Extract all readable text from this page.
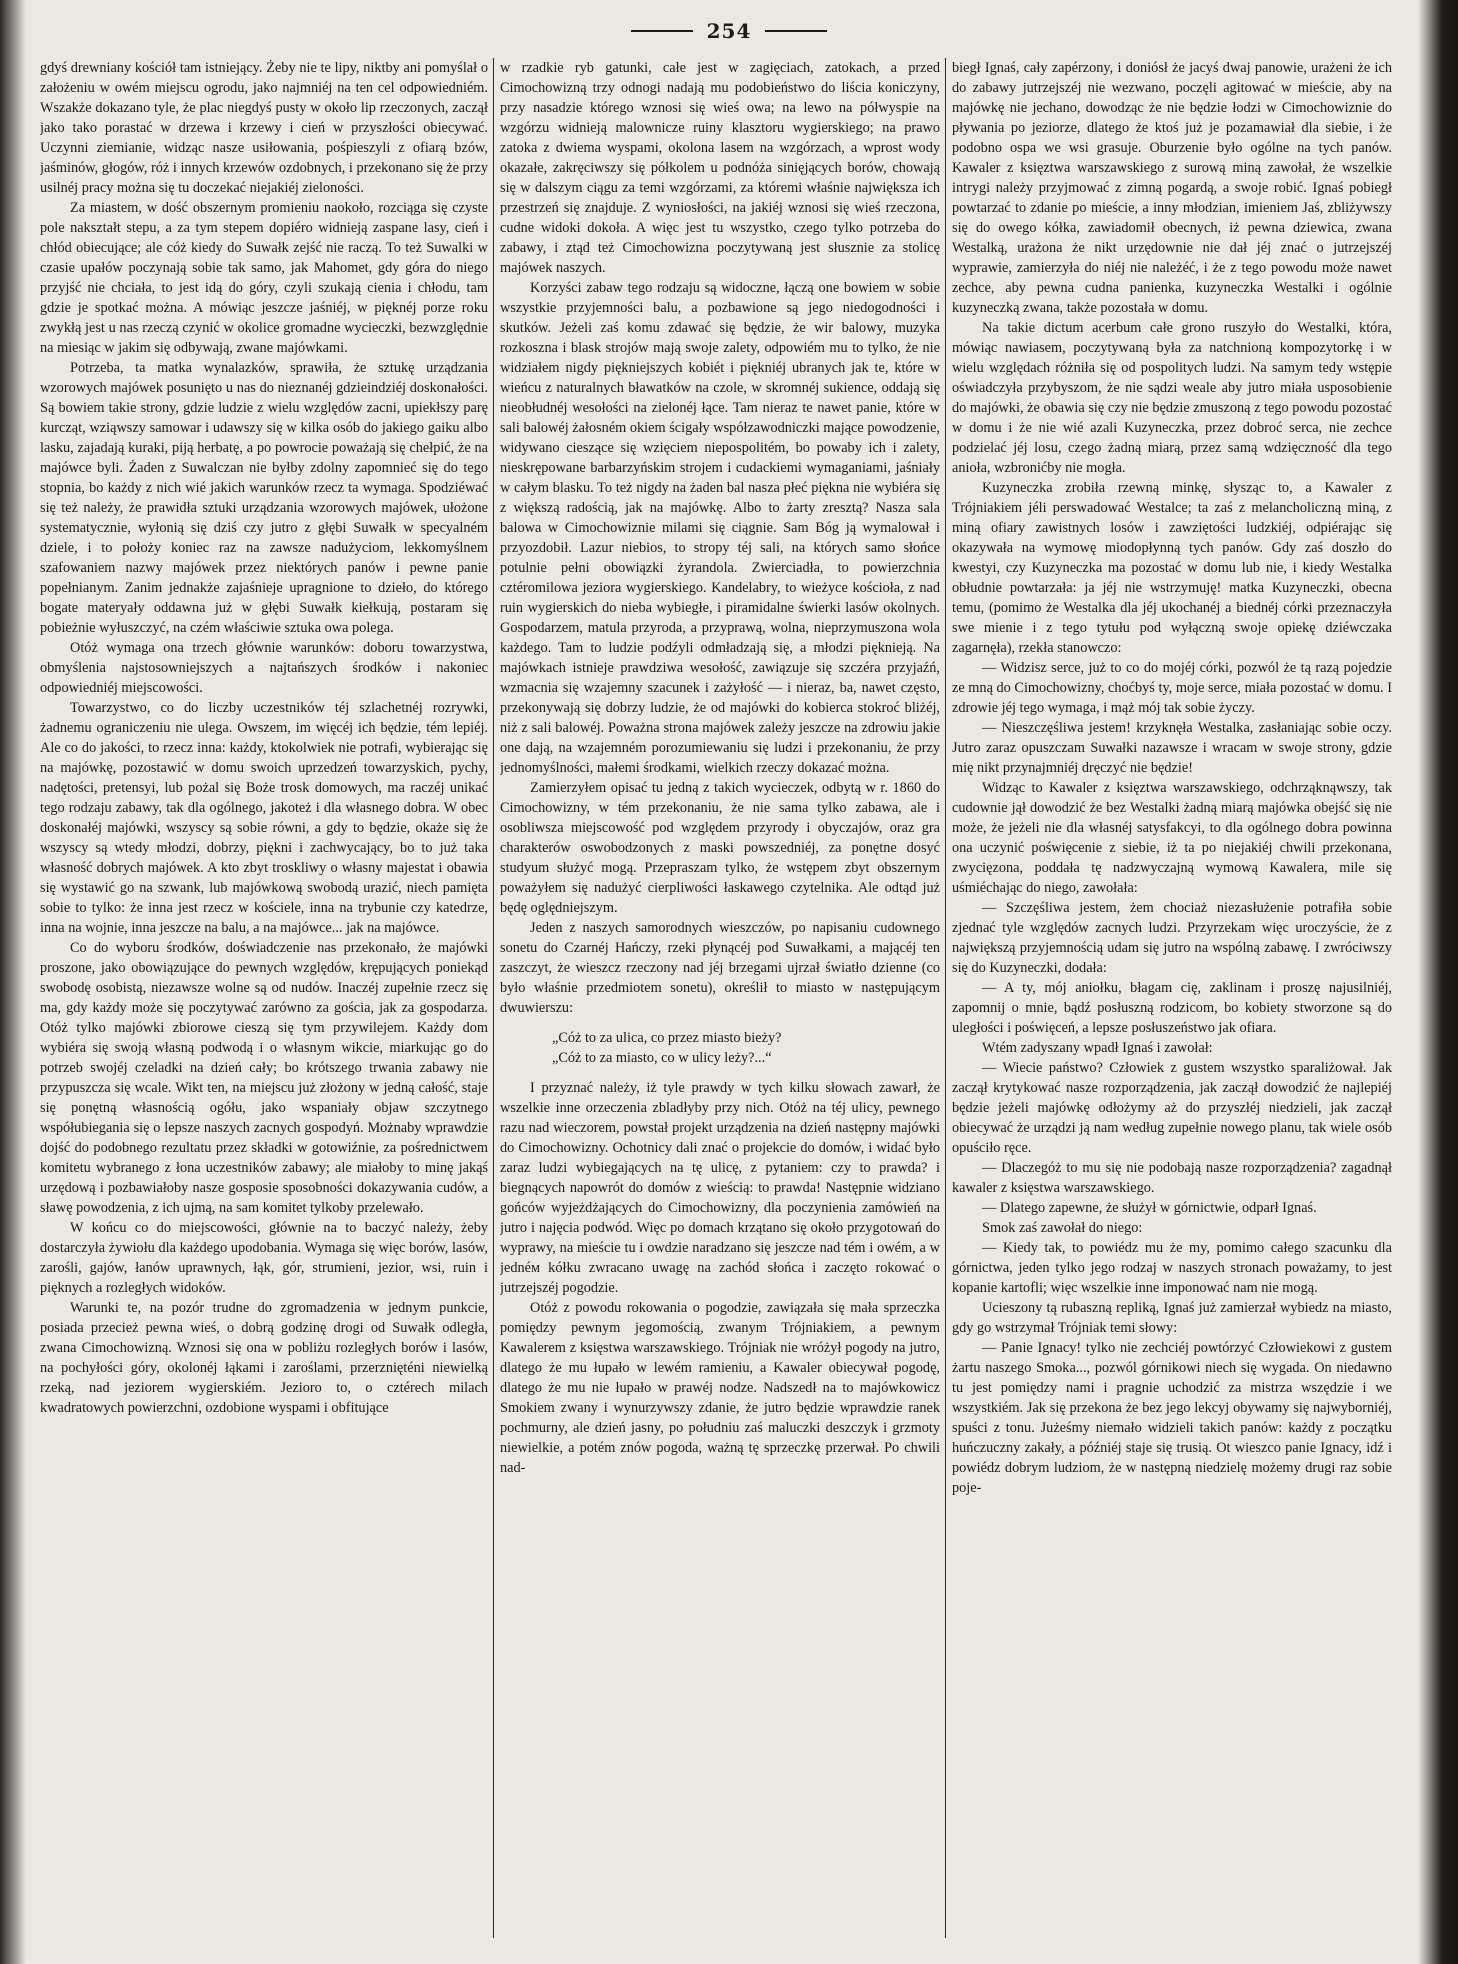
254

gdyś drewniany kościół tam istniejący. Żeby nie te lipy, niktby ani pomyślał o założeniu w owém miejscu ogrodu, jako najmniéj na ten cel odpowiedniém. Wszakże dokazano tyle, że plac niegdyś pusty w około lip rzeczonych, zaczął jako tako porastać w drzewa i krzewy i cień w przyszłości obiecywać. Uczynni ziemianie, widząc nasze usiłowania, pośpieszyli z ofiarą bzów, jaśminów, głogów, róż i innych krzewów ozdobnych, i przekonano się że przy usilnéj pracy można się tu doczekać niejakiéj zieloności.

Za miastem, w dość obszernym promieniu naokoło, rozciąga się czyste pole nakształt stepu, a za tym stepem dopiéro widnieją zaspane lasy, cień i chłód obiecujące; ale cóż kiedy do Suwałk zejść nie raczą. To też Suwalki w czasie upałów poczynają sobie tak samo, jak Mahomet, gdy góra do niego przyjść nie chciała, to jest idą do góry, czyli szukają cienia i chłodu, tam gdzie je spotkać można. A mówiąc jeszcze jaśniéj, w pięknéj porze roku zwykłą jest u nas rzeczą czynić w okolice gromadne wycieczki, bezwzględnie na miesiąc w jakim się odbywają, zwane majówkami.

Potrzeba, ta matka wynalazków, sprawiła, że sztukę urządzania wzorowych majówek posunięto u nas do nieznanéj gdzieindziéj doskonałości. Są bowiem takie strony, gdzie ludzie z wielu względów zacni, upiekłszy parę kurcząt, wziąwszy samowar i udawszy się w kilka osób do jakiego gaiku albo lasku, zajadają kuraki, piją herbatę, a po powrocie poważają się chełpić, że na majówce byli. Żaden z Suwalczan nie byłby zdolny zapomnieć się do tego stopnia, bo każdy z nich wié jakich warunków rzecz ta wymaga. Spodziéwać się też należy, że prawidła sztuki urządzania wzorowych majówek, ułożone systematycznie, wyłonią się dziś czy jutro z głębi Suwałk w specyalném dziele, i to położy koniec raz na zawsze nadużyciom, lekkomyślnem szafowaniem nazwy majówek przez niektórych panów i pewne panie popełnianym. Zanim jednakże zajaśnieje upragnione to dzieło, do którego bogate materyały oddawna już w głębi Suwałk kiełkują, postaram się pobieżnie wyłuszczyć, na czém właściwie sztuka owa polega.

Otóż wymaga ona trzech głównie warunków: doboru towarzystwa, obmyślenia najstosowniejszych a najtańszych środków i nakoniec odpowiedniéj miejscowości.

Towarzystwo, co do liczby uczestników téj szlachetnéj rozrywki, żadnemu ograniczeniu nie ulega. Owszem, im więcéj ich będzie, tém lepiéj. Ale co do jakości, to rzecz inna: każdy, ktokolwiek nie potrafi, wybierając się na majówkę, pozostawić w domu swoich uprzedzeń towarzyskich, pychy, nadętości, pretensyi, lub pożal się Boże trosk domowych, ma raczéj unikać tego rodzaju zabawy, tak dla ogólnego, jakoteż i dla własnego dobra. W obec doskonałéj majówki, wszyscy są sobie równi, a gdy to będzie, okaże się że wszyscy są wtedy młodzi, dobrzy, piękni i zachwycający, bo to już taka własność dobrych majówek. A kto zbyt troskliwy o własny majestat i obawia się wystawić go na szwank, lub majówkową swobodą urazić, niech pamięta sobie to tylko: że inna jest rzecz w kościele, inna na trybunie czy katedrze, inna na wojnie, inna jeszcze na balu, a na majówce... jak na majówce.

Co do wyboru środków, doświadczenie nas przekonało, że majówki proszone, jako obowiązujące do pewnych względów, krępujących poniekąd swobodę osobistą, niezawsze wolne są od nudów. Inaczéj zupełnie rzecz się ma, gdy każdy może się poczytywać zarówno za gościa, jak za gospodarza. Otóż tylko majówki zbiorowe cieszą się tym przywilejem. Każdy dom wybiéra się swoją własną podwodą i o własnym wikcie, miarkując go do potrzeb swojéj czeladki na dzień cały; bo krótszego trwania zabawy nie przypuszcza się wcale. Wikt ten, na miejscu już złożony w jedną całość, staje się ponętną własnością ogółu, jako wspaniały objaw szczytnego współubiegania się o lepsze naszych zacnych gospodyń. Możnaby wprawdzie dojść do podobnego rezultatu przez składki w gotowiźnie, za pośrednictwem komitetu wybranego z łona uczestników zabawy; ale miałoby to minę jakąś urzędową i pozbawiałoby nasze gosposie sposobności dokazywania cudów, a sławę powodzenia, z ich ujmą, na sam komitet tylkoby przelewało.

W końcu co do miejscowości, głównie na to baczyć należy, żeby dostarczyła żywiołu dla każdego upodobania. Wymaga się więc borów, lasów, zarośli, gajów, łanów uprawnych, łąk, gór, strumieni, jezior, wsi, ruin i pięknych a rozległych widoków.

Warunki te, na pozór trudne do zgromadzenia w jednym punkcie, posiada przecież pewna wieś, o dobrą godzinę drogi od Suwałk odległa, zwana Cimochowizną. Wznosi się ona w pobliżu rozległych borów i lasów, na pochyłości góry, okolonéj łąkami i zaroślami, przerznięténi niewielką rzeką, nad jeziorem wygierskiém. Jezioro to, o cztérech milach kwadratowych powierzchni, ozdobione wyspami i obfitujące

w rzadkie ryb gatunki, całe jest w zagięciach, zatokach, a przed Cimochowizną trzy odnogi nadają mu podobieństwo do liścia koniczyny, przy nasadzie którego wznosi się wieś owa; na lewo na półwyspie na wzgórzu widnieją malownicze ruiny klasztoru wygierskiego; na prawo zatoka z dwiema wyspami, okolona lasem na wzgórzach, a wprost wody okazałe, zakręciwszy się półkolem u podnóża sinięjących borów, chowają się w dalszym ciągu za temi wzgórzami, za któremi właśnie największa ich przestrzeń się znajduje. Z wyniosłości, na jakiéj wznosi się wieś rzeczona, cudne widoki dokoła. A więc jest tu wszystko, czego tylko potrzeba do zabawy, i ztąd też Cimochowizna poczytywaną jest słusznie za stolicę majówek naszych.

Korzyści zabaw tego rodzaju są widoczne, łączą one bowiem w sobie wszystkie przyjemności balu, a pozbawione są jego niedogodności i skutków. Jeżeli zaś komu zdawać się będzie, że wir balowy, muzyka rozkoszna i blask strojów mają swoje zalety, odpowiém mu to tylko, że nie widziałem nigdy piękniejszych kobiét i piękniéj ubranych jak te, które w wieńcu z naturalnych bławatków na czole, w skromnéj sukience, oddają się nieobłudnéj wesołości na zielonéj łące. Tam nieraz te nawet panie, które w sali balowéj żałosném okiem ścigały współzawodniczki mające powodzenie, widywano cieszące się wzięciem niepospolitém, bo powaby ich i zalety, nieskrępowane barbarzyńskim strojem i cudackiemi wymaganiami, jaśniały w całym blasku. To też nigdy na żaden bal nasza płeć piękna nie wybiéra się z większą radością, jak na majówkę. Albo to żarty zresztą? Nasza sala balowa w Cimochowiznie milami się ciągnie. Sam Bóg ją wymalował i przyozdobił. Lazur niebios, to stropy téj sali, na których samo słońce potulnie pełni obowiązki żyrandola. Zwierciadła, to powierzchnia cztéromilowa jeziora wygierskiego. Kandelabry, to wieżyce kościoła, z nad ruin wygierskich do nieba wybiegłe, i piramidalne świerki lasów okolnych. Gospodarzem, matula przyroda, a przyprawą, wolna, nieprzymuszona wola każdego. Tam to ludzie podźyli odmładzają się, a młodzi pięknieją. Na majówkach istnieje prawdziwa wesołość, zawiązuje się szczéra przyjaźń, wzmacnia się wzajemny szacunek i zażyłość — i nieraz, ba, nawet często, przekonywają się dobrzy ludzie, że od majówki do kobierca stokroć bliżéj, niż z sali balowéj. Poważna strona majówek zależy jeszcze na zdrowiu jakie one dają, na wzajemném porozumiewaniu się ludzi i przekonaniu, że przy jednomyślności, małemi środkami, wielkich rzeczy dokazać można.

Zamierzyłem opisać tu jedną z takich wycieczek, odbytą w r. 1860 do Cimochowizny, w tém przekonaniu, że nie sama tylko zabawa, ale i osobliwsza miejscowość pod względem przyrody i obyczajów, oraz gra charakterów oswobodzonych z maski powszedniéj, za ponętne dosyć studyum służyć mogą. Przepraszam tylko, że wstępem zbyt obszernym poważyłem się nadużyć cierpliwości łaskawego czytelnika. Ale odtąd już będę oględniejszym.

Jeden z naszych samorodnych wieszczów, po napisaniu cudownego sonetu do Czarnéj Hańczy, rzeki płynącéj pod Suwałkami, a mającéj ten zaszczyt, że wieszcz rzeczony nad jéj brzegami ujrzał światło dzienne (co było właśnie przedmiotem sonetu), określił to miasto w następującym dwuwierszu:

„Cóż to za ulica, co przez miasto bieży?
„Cóż to za miasto, co w ulicy leży?...“

I przyznać należy, iż tyle prawdy w tych kilku słowach zawarł, że wszelkie inne orzeczenia zbladłyby przy nich. Otóż na téj ulicy, pewnego razu nad wieczorem, powstał projekt urządzenia na dzień następny majówki do Cimochowizny. Ochotnicy dali znać o projekcie do domów, i widać było zaraz ludzi wybiegających na tę ulicę, z pytaniem: czy to prawda? i biegnących napowrót do domów z wieścią: to prawda! Następnie widziano gońców wyjeżdżających do Cimochowizny, dla poczynienia zamówień na jutro i najęcia podwód. Więc po domach krzątano się około przygotowań do wyprawy, na mieście tu i owdzie naradzano się jeszcze nad tém i owém, a w jednéм kółku zwracano uwagę na zachód słońca i zaczęto rokować o jutrzejszéj pogodzie.

Otóż z powodu rokowania o pogodzie, zawiązała się mała sprzeczka pomiędzy pewnym jegomością, zwanym Trójniakiem, a pewnym Kawalerem z księstwa warszawskiego. Trójniak nie wróżył pogody na jutro, dlatego że mu łupało w lewém ramieniu, a Kawaler obiecywał pogodę, dlatego że mu nie łupało w prawéj nodze. Nadszedł na to majówkowicz Smokiem zwany i wynurzywszy zdanie, że jutro będzie wprawdzie ranek pochmurny, ale dzień jasny, po południu zaś maluczki deszczyk i grzmoty niewielkie, a potém znów pogoda, ważną tę sprzeczkę przerwał. Po chwili nad-

biegł Ignaś, cały zapérzony, i doniósł że jacyś dwaj panowie, urażeni że ich do zabawy jutrzejszéj nie wezwano, poczęli agitować w mieście, aby na majówkę nie jechano, dowodząc że nie będzie łodzi w Cimochowiznie do pływania po jeziorze, dlatego że ktoś już je pozamawiał dla siebie, i że podobno ospa we wsi grasuje. Oburzenie było ogólne na tych panów. Kawaler z księztwa warszawskiego z surową miną zawołał, że wszelkie intrygi należy przyjmować z zimną pogardą, a swoje robić. Ignaś pobiegł powtarzać to zdanie po mieście, a inny młodzian, imieniem Jaś, zbliżywszy się do owego kółka, zawiadomił obecnych, iż pewna dziewica, zwana Westalką, urażona że nikt urzędownie nie dał jéj znać o jutrzejszéj wyprawie, zamierzyła do niéj nie należéć, i że z tego powodu może nawet zechce, aby pewna cudna panienka, kuzyneczka Westalki i ogólnie kuzyneczką zwana, także pozostała w domu.

Na takie dictum acerbum całe grono ruszyło do Westalki, która, mówiąc nawiasem, poczytywaną była za natchnioną kompozytorkę i w wielu względach różniła się od pospolitych ludzi. Na samym tedy wstępie oświadczyła przybyszom, że nie sądzi weale aby jutro miała usposobienie do majówki, że obawia się czy nie będzie zmuszoną z tego powodu pozostać w domu i że nie wié azali Kuzyneczka, przez dobroć serca, nie zechce podzielać jéj losu, czego żadną miarą, przez samą wdzięczność dla tego anioła, wzbronićby nie mogła.

Kuzyneczka zrobiła rzewną minkę, słysząc to, a Kawaler z Trójniakiem jéli perswadować Westalce; ta zaś z melancholiczną miną, z miną ofiary zawistnych losów i zawziętości ludzkiéj, odpiérając się okazywała na wymowę miodopłynną tych panów. Gdy zaś doszło do kwestyi, czy Kuzyneczka ma pozostać w domu lub nie, i kiedy Westalka obłudnie powtarzała: ja jéj nie wstrzymuję! matka Kuzyneczki, obecna temu, (pomimo że Westalka dla jéj ukochanéj a biednéj córki przeznaczyła swe mienie i z tego tytułu pod wyłączną swoje opiekę dziéwczaka zagarnęła), rzekła stanowczo:

— Widzisz serce, już to co do mojéj córki, pozwól że tą razą pojedzie ze mną do Cimochowizny, choćbyś ty, moje serce, miała pozostać w domu. I zdrowie jéj tego wymaga, i mąż mój tak sobie życzy.

— Nieszczęśliwa jestem! krzyknęła Westalka, zasłaniając sobie oczy. Jutro zaraz opuszczam Suwałki nazawsze i wracam w swoje strony, gdzie mię nikt przynajmniéj dręczyć nie będzie!

Widząc to Kawaler z księztwa warszawskiego, odchrząknąwszy, tak cudownie jął dowodzić że bez Westalki żadną miarą majówka obejść się nie może, że jeżeli nie dla własnéj satysfakcyi, to dla ogólnego dobra powinna ona uczynić poświęcenie z siebie, iż ta po niejakiéj chwili przekonana, zwycięzona, poddała tę nadzwyczajną wymową Kawalera, mile się uśmiéchając do niego, zawołała:

— Szczęśliwa jestem, żem chociaż niezasłużenie potrafiła sobie zjednać tyle względów zacnych ludzi. Przyrzekam więc uroczyście, że z największą przyjemnością udam się jutro na wspólną zabawę. I zwróciwszy się do Kuzyneczki, dodała:

— A ty, mój aniołku, błagam cię, zaklinam i proszę najusilniéj, zapomnij o mnie, bądź posłuszną rodzicom, bo kobiety stworzone są do uległości i poświęceń, a lepsze posłuszeństwo jak ofiara.

Wtém zadyszany wpadł Ignaś i zawołał:

— Wiecie państwo? Człowiek z gustem wszystko sparaliżował. Jak zaczął krytykować nasze rozporządzenia, jak zaczął dowodzić że najlepiéj będzie jeżeli majówkę odłożymy aż do przyszłéj niedzieli, jak zaczął obiecywać że urządzi ją nam według zupełnie nowego planu, tak wiele osób opuściło ręce.

— Dlaczegóż to mu się nie podobają nasze rozporządzenia? zagadnął kawaler z księstwa warszawskiego.

— Dlatego zapewne, że służył w górnictwie, odparł Ignaś.

Smok zaś zawołał do niego:

— Kiedy tak, to powiédz mu że my, pomimo całego szacunku dla górnictwa, jeden tylko jego rodzaj w naszych stronach poważamy, to jest kopanie kartofli; więc wszelkie inne imponować nam nie mogą.

Ucieszony tą rubaszną repliką, Ignaś już zamierzał wybiedz na miasto, gdy go wstrzymał Trójniak temi słowy:

— Panie Ignacy! tylko nie zechciéj powtórzyć Człowiekowi z gustem żartu naszego Smoka..., pozwól górnikowi niech się wygada. On niedawno tu jest pomiędzy nami i pragnie uchodzić za mistrza wszędzie i we wszystkiém. Jak się przekona że bez jego lekcyj obywamy się najwyborniéj, spuści z tonu. Jużeśmy niemało widzieli takich panów: każdy z początku huńczuczny zakały, a późniéj staje się trusią. Ot wieszco panie Ignacy, idź i powiédz dobrym ludziom, że w następną niedzielę możemy drugi raz sobie poje-
